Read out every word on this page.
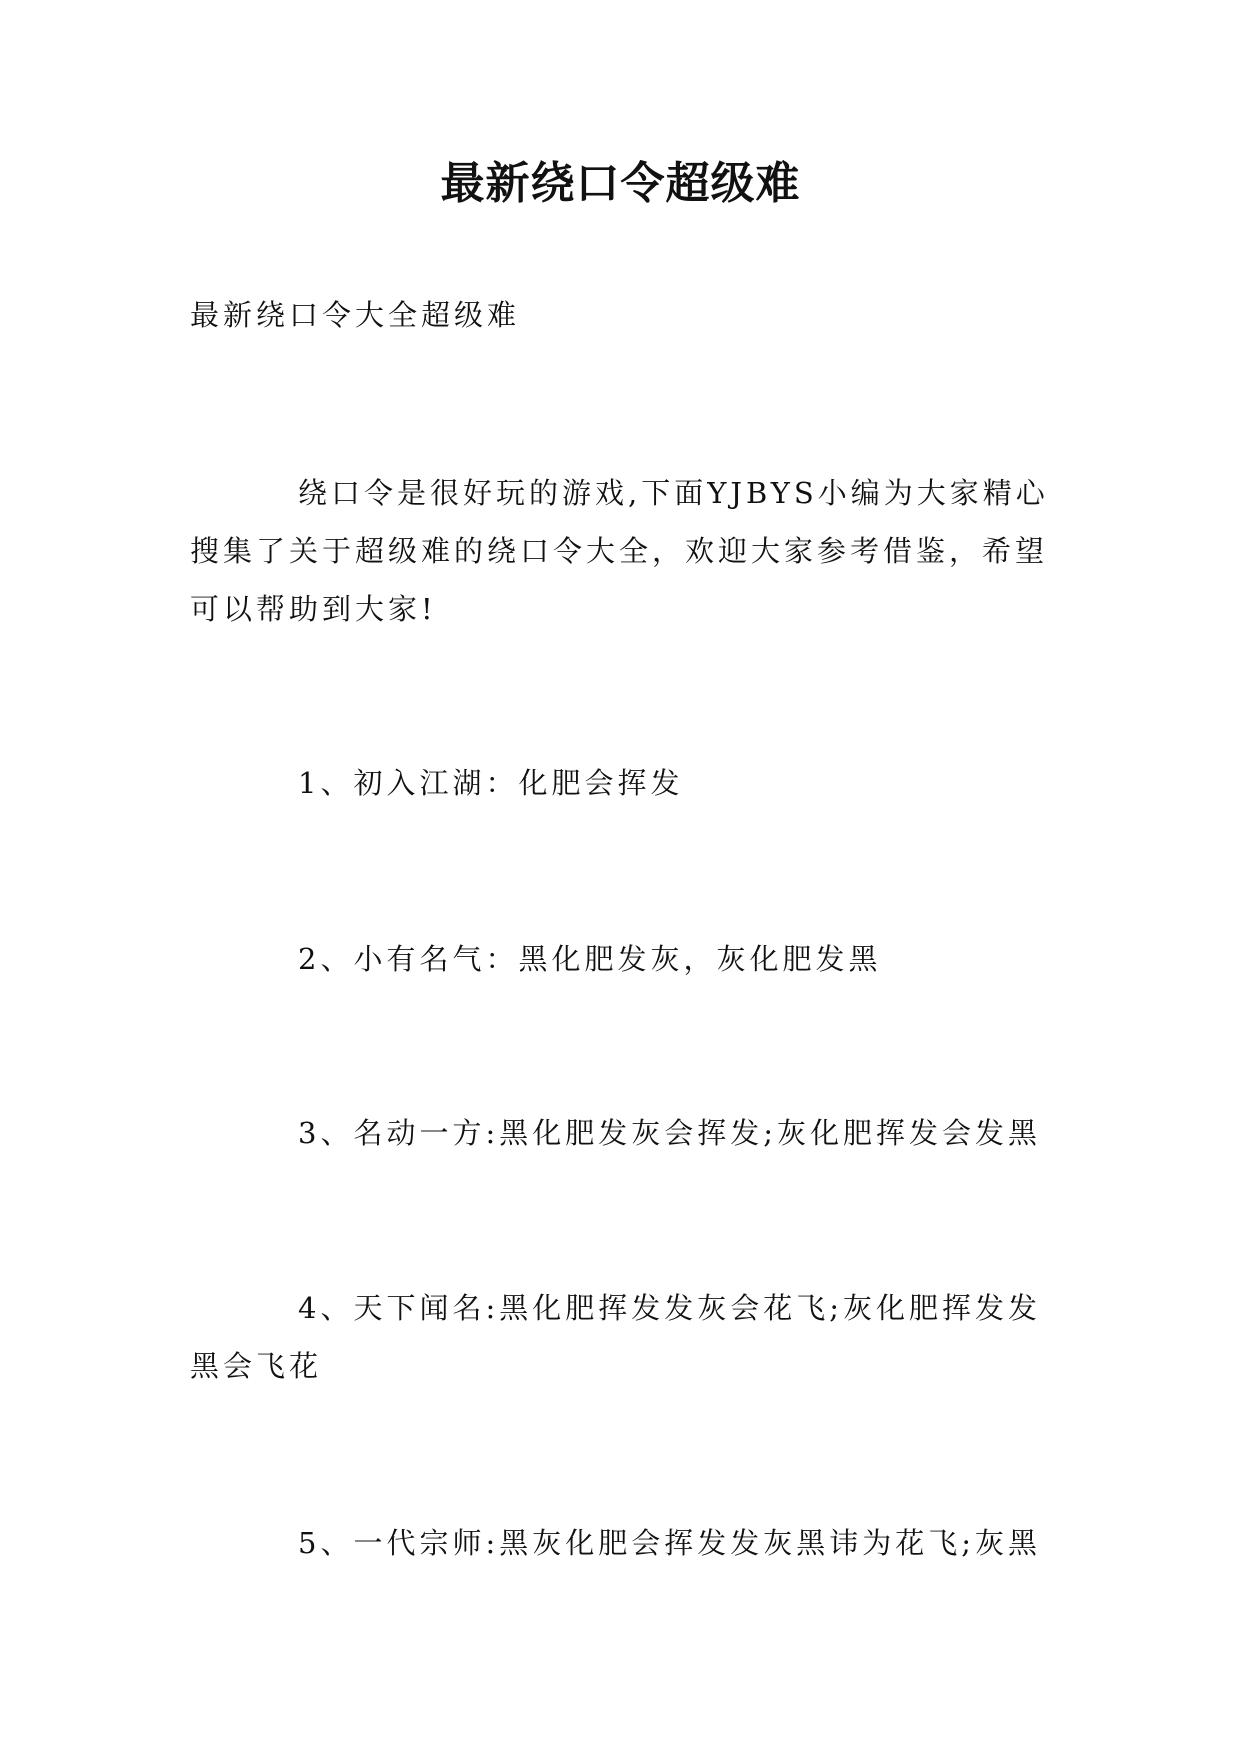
最新绕口令超级难

最新绕口令大全超级难

绕口令是很好玩的游戏,下面YJBYS小编为大家精心搜集了关于超级难的绕口令大全，欢迎大家参考借鉴，希望可以帮助到大家!

1、初入江湖：化肥会挥发

2、小有名气：黑化肥发灰，灰化肥发黑

3、名动一方:黑化肥发灰会挥发;灰化肥挥发会发黑

4、天下闻名:黑化肥挥发发灰会花飞;灰化肥挥发发黑会飞花

5、一代宗师:黑灰化肥会挥发发灰黑讳为花飞;灰黑
